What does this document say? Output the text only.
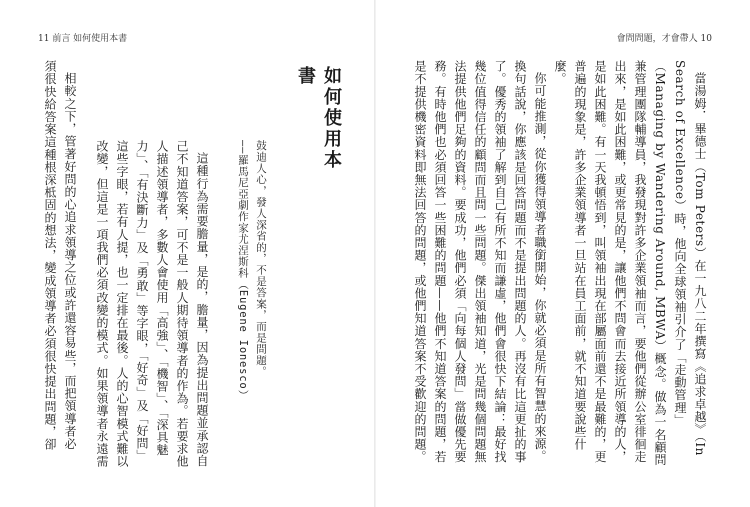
11 前言 如何使用本書	會問問題，才會帶人 10
如何使用本書

相較之下，管著好問的心追求領導之位或許還容易些，而把領導者必須很快給答案這種根深柢固的想法，變成領導者必須很快提出問題，卻

這種行為需要膽量，是的，膽量，因為提出問題並承認自己不知道答案，可不是一般人期待領導者的作為。若要求他人描述領導者，多數人會使用「高強」、「機智」、「深具魅力」、「有決斷力」及「勇敢」等字眼，「好奇」及「好問」這些字眼，若有人提，也一定排在最後。人的心智模式難以改變，但這是一項我們必須改變的模式。如果領導者永遠需

鼓迪人心，發人深省的，不是答案，而是問題。
——羅馬尼亞劇作家尤涅斯科（Eugene Ionesco）	當湯姆．畢德士（Tom Peters）在一九八二年撰寫《追求卓越》（In Search of Excellence）時，他向全球領袖引介了「走動管理」（Managing by Wandering Around, MBWA）概念。做為一名顧問兼管理團隊輔導員，我發現對許多企業領袖而言，要他們從辦公室徘徊走出來，是如此困難，或更常見的是，讓他們不問會而去接近所領導的人，是如此困難。有一天我頓悟到，叫領袖出現在部屬面前還不是最難的，更普遍的現象是，許多企業領導者一旦站在員工面前，就不知道要說些什麼。

你可能推測，從你獲得領導者職銜開始，你就必須是所有智慧的來源。換句話說，你應該是回答問題而不是提出問題的人。再沒有比這更扯的事了。優秀的領袖了解到自己有所不知而謙虛，他們會很快下結論：最好找幾位值得信任的顧問而且問一些問題。傑出領袖知道，光是問幾個問題無法提供他們足夠的資料。要成功，他們必須「向每個人發問」當做優先要務。有時他們也必須回答一些困難的問題——他們不知道答案的問題，若是不提供機密資料即無法回答的問題，或他們知道答案不受歡迎的問題。
